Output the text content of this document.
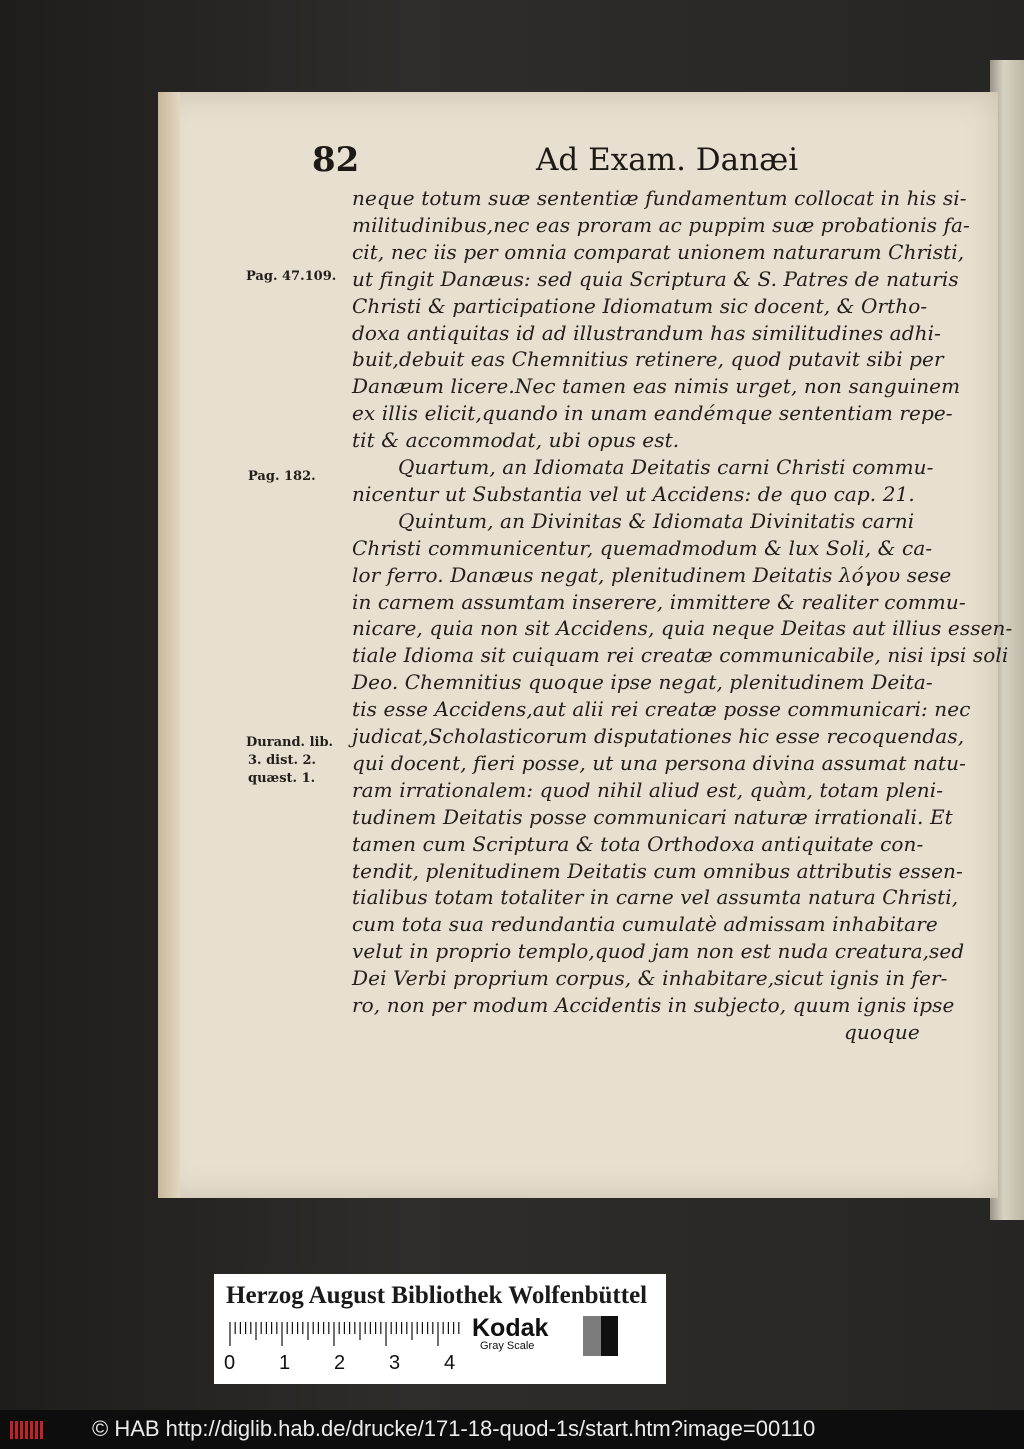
82	Ad Exam. Danæi
Pag. 47.109.
Pag. 182.
Durand. lib.
3. dist. 2.
quæst. 1.
neque totum suæ sententiæ fundamentum collocat in his si-
militudinibus,nec eas proram ac puppim suæ probationis fa-
cit, nec iis per omnia comparat unionem naturarum Christi,
ut fingit Danæus: sed quia Scriptura & S. Patres de naturis
Christi & participatione Idiomatum sic docent, & Ortho-
doxa antiquitas id ad illustrandum has similitudines adhi-
buit,debuit eas Chemnitius retinere, quod putavit sibi per
Danæum licere.Nec tamen eas nimis urget, non sanguinem
ex illis elicit,quando in unam eandémque sententiam repe-
tit & accommodat, ubi opus est.
Quartum, an Idiomata Deitatis carni Christi commu-
nicentur ut Substantia vel ut Accidens: de quo cap. 21.
Quintum, an Divinitas & Idiomata Divinitatis carni
Christi communicentur, quemadmodum & lux Soli, & ca-
lor ferro. Danæus negat, plenitudinem Deitatis λόγου sese
in carnem assumtam inserere, immittere & realiter commu-
nicare, quia non sit Accidens, quia neque Deitas aut illius essen-
tiale Idioma sit cuiquam rei creatæ communicabile, nisi ipsi soli
Deo. Chemnitius quoque ipse negat, plenitudinem Deita-
tis esse Accidens,aut alii rei creatæ posse communicari: nec
judicat,Scholasticorum disputationes hic esse recoquendas,
qui docent, fieri posse, ut una persona divina assumat natu-
ram irrationalem: quod nihil aliud est, quàm, totam pleni-
tudinem Deitatis posse communicari naturæ irrationali. Et
tamen cum Scriptura & tota Orthodoxa antiquitate con-
tendit, plenitudinem Deitatis cum omnibus attributis essen-
tialibus totam totaliter in carne vel assumta natura Christi,
cum tota sua redundantia cumulatè admissam inhabitare
velut in proprio templo,quod jam non est nuda creatura,sed
Dei Verbi proprium corpus, & inhabitare,sicut ignis in fer-
ro, non per modum Accidentis in subjecto, quum ignis ipse
quoque
Herzog August Bibliothek Wolfenbüttel
0 1 2 3 4
Kodak
Gray Scale
© HAB http://diglib.hab.de/drucke/171-18-quod-1s/start.htm?image=00110
